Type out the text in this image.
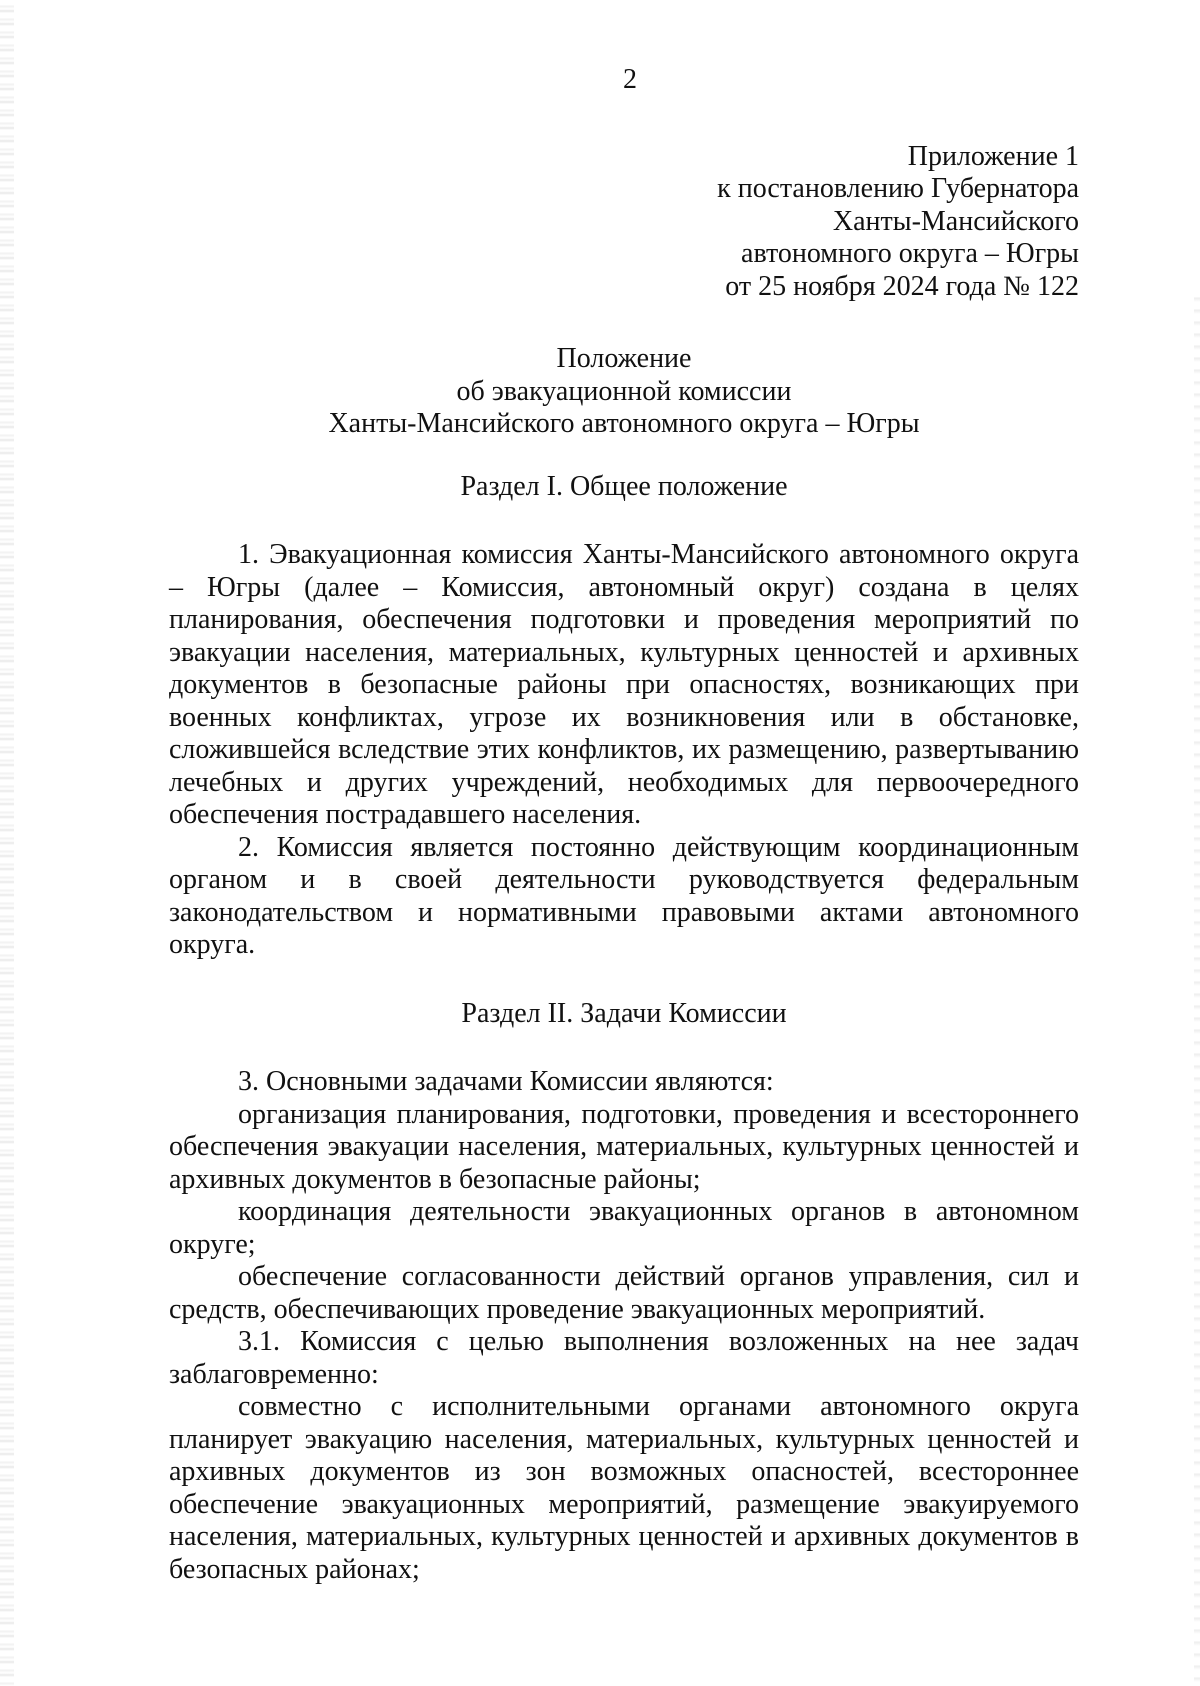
2
Приложение 1
к постановлению Губернатора
Ханты-Мансийского
автономного округа – Югры
от 25 ноября 2024 года № 122
Положение
об эвакуационной комиссии
Ханты-Мансийского автономного округа – Югры
Раздел I. Общее положение

1. Эвакуационная комиссия Ханты-Мансийского автономного округа – Югры (далее – Комиссия, автономный округ) создана в целях планирования, обеспечения подготовки и проведения мероприятий по эвакуации населения, материальных, культурных ценностей и архивных документов в безопасные районы при опасностях, возникающих при военных конфликтах, угрозе их возникновения или в обстановке, сложившейся вследствие этих конфликтов, их размещению, развертыванию лечебных и других учреждений, необходимых для первоочередного обеспечения пострадавшего населения.

2. Комиссия является постоянно действующим координационным органом и в своей деятельности руководствуется федеральным законодательством и нормативными правовыми актами автономного округа.

Раздел II. Задачи Комиссии

3. Основными задачами Комиссии являются:

организация планирования, подготовки, проведения и всестороннего обеспечения эвакуации населения, материальных, культурных ценностей и архивных документов в безопасные районы;

координация деятельности эвакуационных органов в автономном округе;

обеспечение согласованности действий органов управления, сил и средств, обеспечивающих проведение эвакуационных мероприятий.

3.1. Комиссия с целью выполнения возложенных на нее задач заблаговременно:

совместно с исполнительными органами автономного округа планирует эвакуацию населения, материальных, культурных ценностей и архивных документов из зон возможных опасностей, всестороннее обеспечение эвакуационных мероприятий, размещение эвакуируемого населения, материальных, культурных ценностей и архивных документов в безопасных районах;
